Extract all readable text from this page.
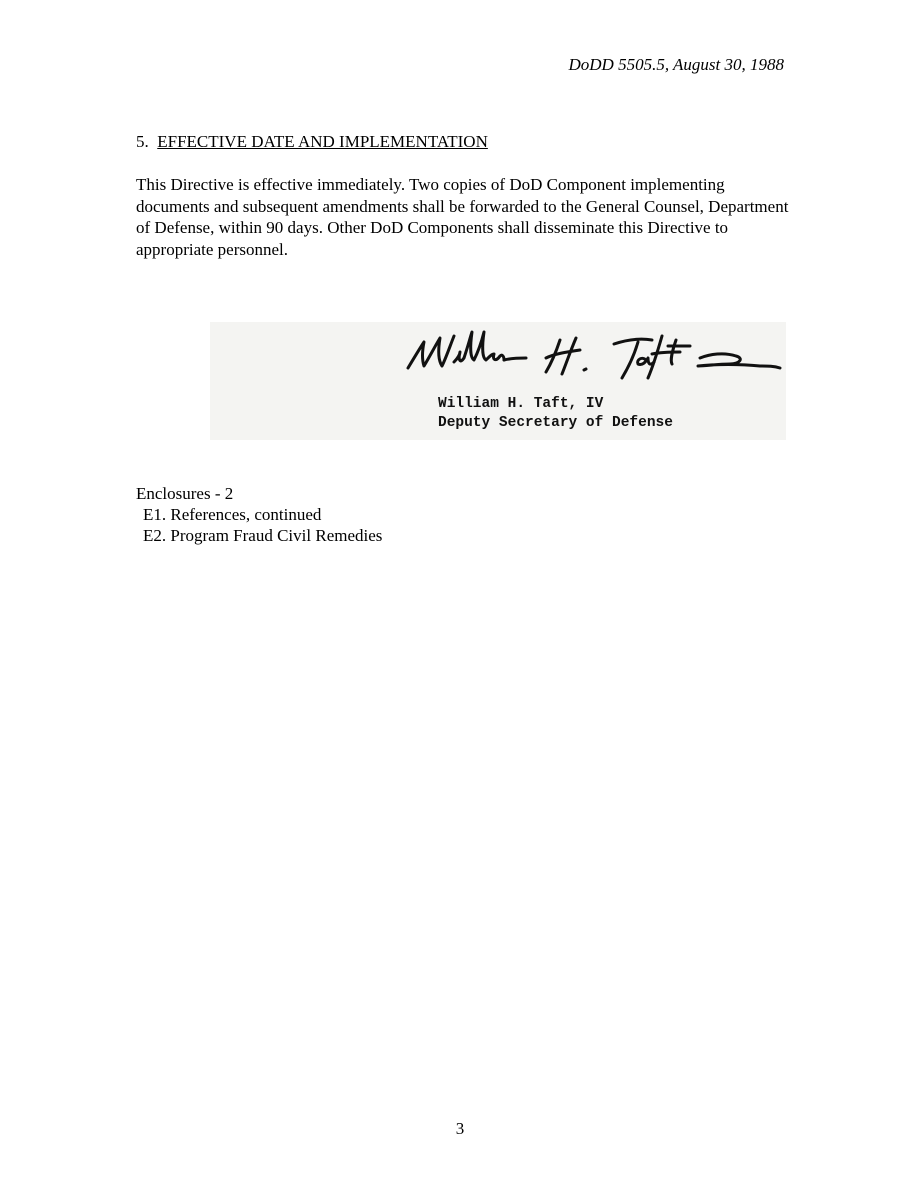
DoDD 5505.5, August 30, 1988
5. EFFECTIVE DATE AND IMPLEMENTATION
This Directive is effective immediately. Two copies of DoD Component implementing documents and subsequent amendments shall be forwarded to the General Counsel, Department of Defense, within 90 days. Other DoD Components shall disseminate this Directive to appropriate personnel.
William H. Taft, IV
Deputy Secretary of Defense
Enclosures - 2
E1. References, continued
E2. Program Fraud Civil Remedies
3
